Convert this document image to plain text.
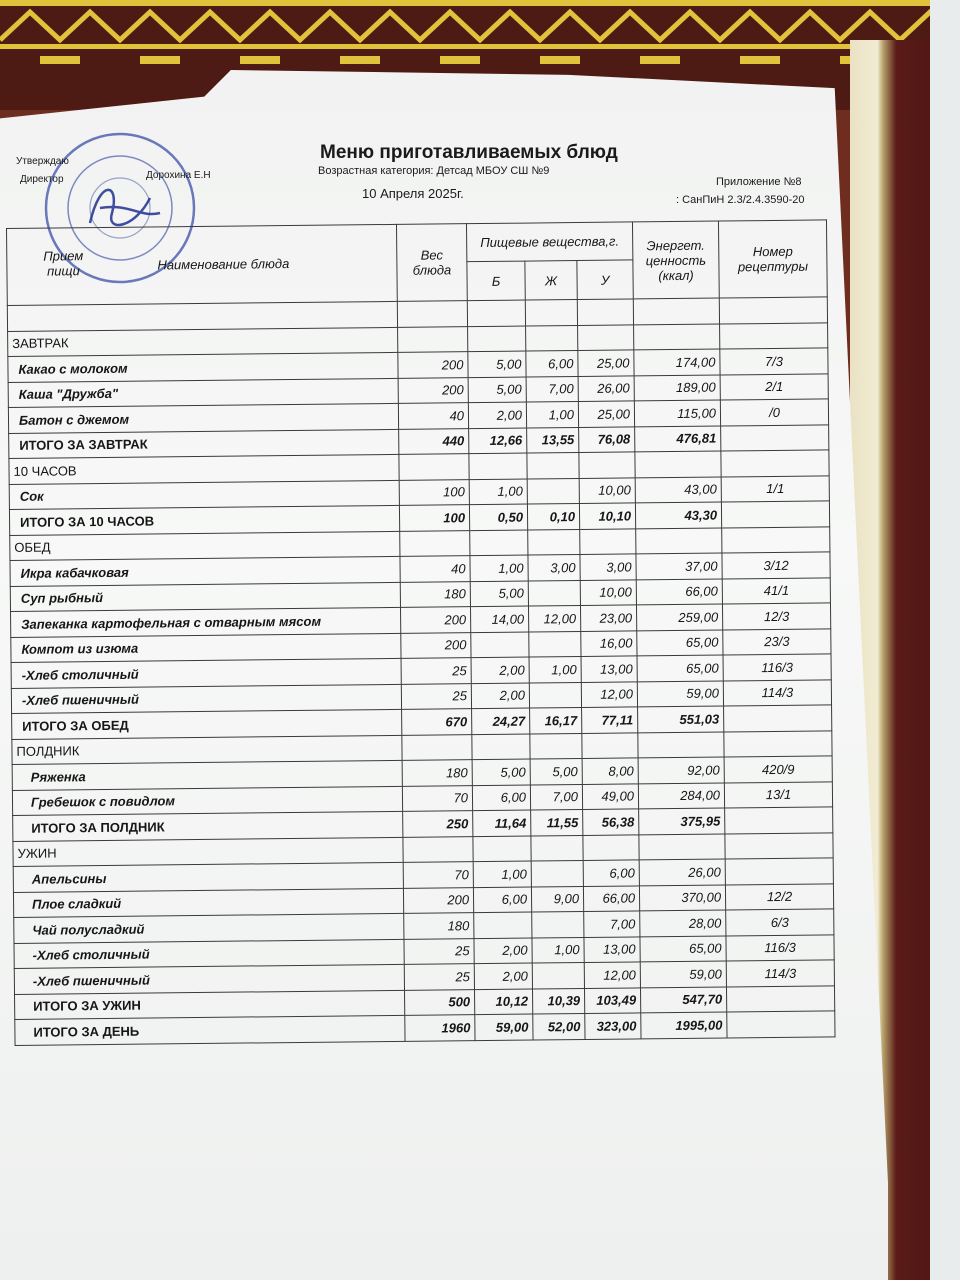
Утверждаю
Директор	Дорохина Е.Н
Меню приготавливаемых блюд
Возрастная категория: Детсад МБОУ СШ №9
10 Апреля 2025г.
Приложение №8
: СанПиН 2.3/2.4.3590-20
Прием пищи Наименование блюда	Вес блюда	Пищевые вещества,г.			Энергет. ценность (ккал)	Номер рецептуры
		Б	Ж	У		

ЗАВТРАК						
Какао с молоком	200	5,00	6,00	25,00	174,00	7/3
Каша "Дружба"	200	5,00	7,00	26,00	189,00	2/1
Батон с джемом	40	2,00	1,00	25,00	115,00	/0
ИТОГО ЗА ЗАВТРАК	440	12,66	13,55	76,08	476,81	
10 ЧАСОВ						
Сок	100	1,00		10,00	43,00	1/1
ИТОГО ЗА 10 ЧАСОВ	100	0,50	0,10	10,10	43,30	
ОБЕД						
Икра кабачковая	40	1,00	3,00	3,00	37,00	3/12
Суп рыбный	180	5,00		10,00	66,00	41/1
Запеканка картофельная с отварным мясом	200	14,00	12,00	23,00	259,00	12/3
Компот из изюма	200			16,00	65,00	23/3
-Хлеб столичный	25	2,00	1,00	13,00	65,00	116/3
-Хлеб пшеничный	25	2,00		12,00	59,00	114/3
ИТОГО ЗА ОБЕД	670	24,27	16,17	77,11	551,03	
ПОЛДНИК						
Ряженка	180	5,00	5,00	8,00	92,00	420/9
Гребешок с повидлом	70	6,00	7,00	49,00	284,00	13/1
ИТОГО ЗА ПОЛДНИК	250	11,64	11,55	56,38	375,95	
УЖИН						
Апельсины	70	1,00		6,00	26,00	
Плое сладкий	200	6,00	9,00	66,00	370,00	12/2
Чай полусладкий	180			7,00	28,00	6/3
-Хлеб столичный	25	2,00	1,00	13,00	65,00	116/3
-Хлеб пшеничный	25	2,00		12,00	59,00	114/3
ИТОГО ЗА УЖИН	500	10,12	10,39	103,49	547,70	
ИТОГО ЗА ДЕНЬ	1960	59,00	52,00	323,00	1995,00	
